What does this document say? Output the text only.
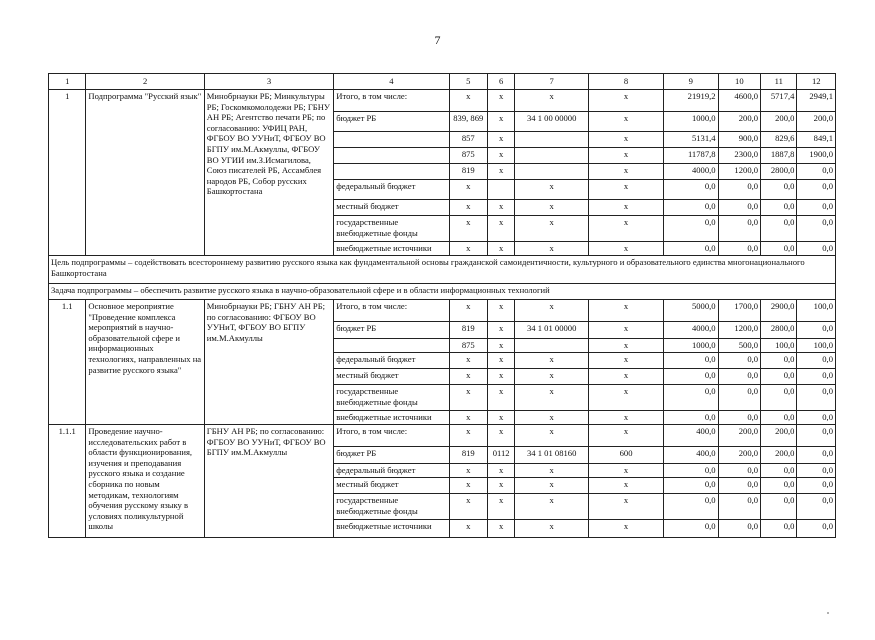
7
1	2	3	4	5	6	7	8	9	10	11	12
1	Подпрограмма "Русский язык"	Минобрнауки РБ; Минкультуры РБ; Госкомкомолодежи РБ; ГБНУ АН РБ; Агентство печати РБ; по согласованию: УФИЦ РАН, ФГБОУ ВО УУНиТ, ФГБОУ ВО БГПУ им.М.Акмуллы, ФГБОУ ВО УГИИ им.З.Исмагилова, Союз писателей РБ, Ассамблея народов РБ, Собор русских Башкортостана	Итого, в том числе:	x	x	x	x	21919,2	4600,0	5717,4	2949,1
			бюджет РБ	839, 869	x	34 1 00 00000	x	1000,0	200,0	200,0	200,0
				857	x		x	5131,4	900,0	829,6	849,1
				875	x		x	11787,8	2300,0	1887,8	1900,0
				819	x		x	4000,0	1200,0	2800,0	0,0
			федеральный бюджет	x		x	x	0,0	0,0	0,0	0,0
			местный бюджет	x	x	x	x	0,0	0,0	0,0	0,0
			государственные внебюджетные фонды	x	x	x	x	0,0	0,0	0,0	0,0
			внебюджетные источники	x	x	x	x	0,0	0,0	0,0	0,0
Цель подпрограммы – содействовать всестороннему развитию русского языка как фундаментальной основы гражданской самоидентичности, культурного и образовательного единства многонационального Башкортостана											
Задача подпрограммы – обеспечить развитие русского языка в научно-образовательной сфере и в области информационных технологий											
1.1	Основное мероприятие "Проведение комплекса мероприятий в научно-образовательной сфере и информационных технологиях, направленных на развитие русского языка"	Минобрнауки РБ; ГБНУ АН РБ; по согласованию: ФГБОУ ВО УУНиТ, ФГБОУ ВО БГПУ им.М.Акмуллы	Итого, в том числе:	x	x	x	x	5000,0	1700,0	2900,0	100,0
			бюджет РБ	819	x	34 1 01 00000	x	4000,0	1200,0	2800,0	0,0
				875	x		x	1000,0	500,0	100,0	100,0
			федеральный бюджет	x	x	x	x	0,0	0,0	0,0	0,0
			местный бюджет	x	x	x	x	0,0	0,0	0,0	0,0
			государственные внебюджетные фонды	x	x	x	x	0,0	0,0	0,0	0,0
			внебюджетные источники	x	x	x	x	0,0	0,0	0,0	0,0
1.1.1	Проведение научно-исследовательских работ в области функционирования, изучения и преподавания русского языка и создание сборника по новым методикам, технологиям обучения русскому языку в условиях поликультурной школы	ГБНУ АН РБ; по согласованию: ФГБОУ ВО УУНиТ, ФГБОУ ВО БГПУ им.М.Акмуллы	Итого, в том числе:	x	x	x	x	400,0	200,0	200,0	0,0
			бюджет РБ	819	0112	34 1 01 08160	600	400,0	200,0	200,0	0,0
			федеральный бюджет	x	x	x	x	0,0	0,0	0,0	0,0
			местный бюджет	x	x	x	x	0,0	0,0	0,0	0,0
			государственные внебюджетные фонды	x	x	x	x	0,0	0,0	0,0	0,0
			внебюджетные источники	x	x	x	x	0,0	0,0	0,0	0,0
